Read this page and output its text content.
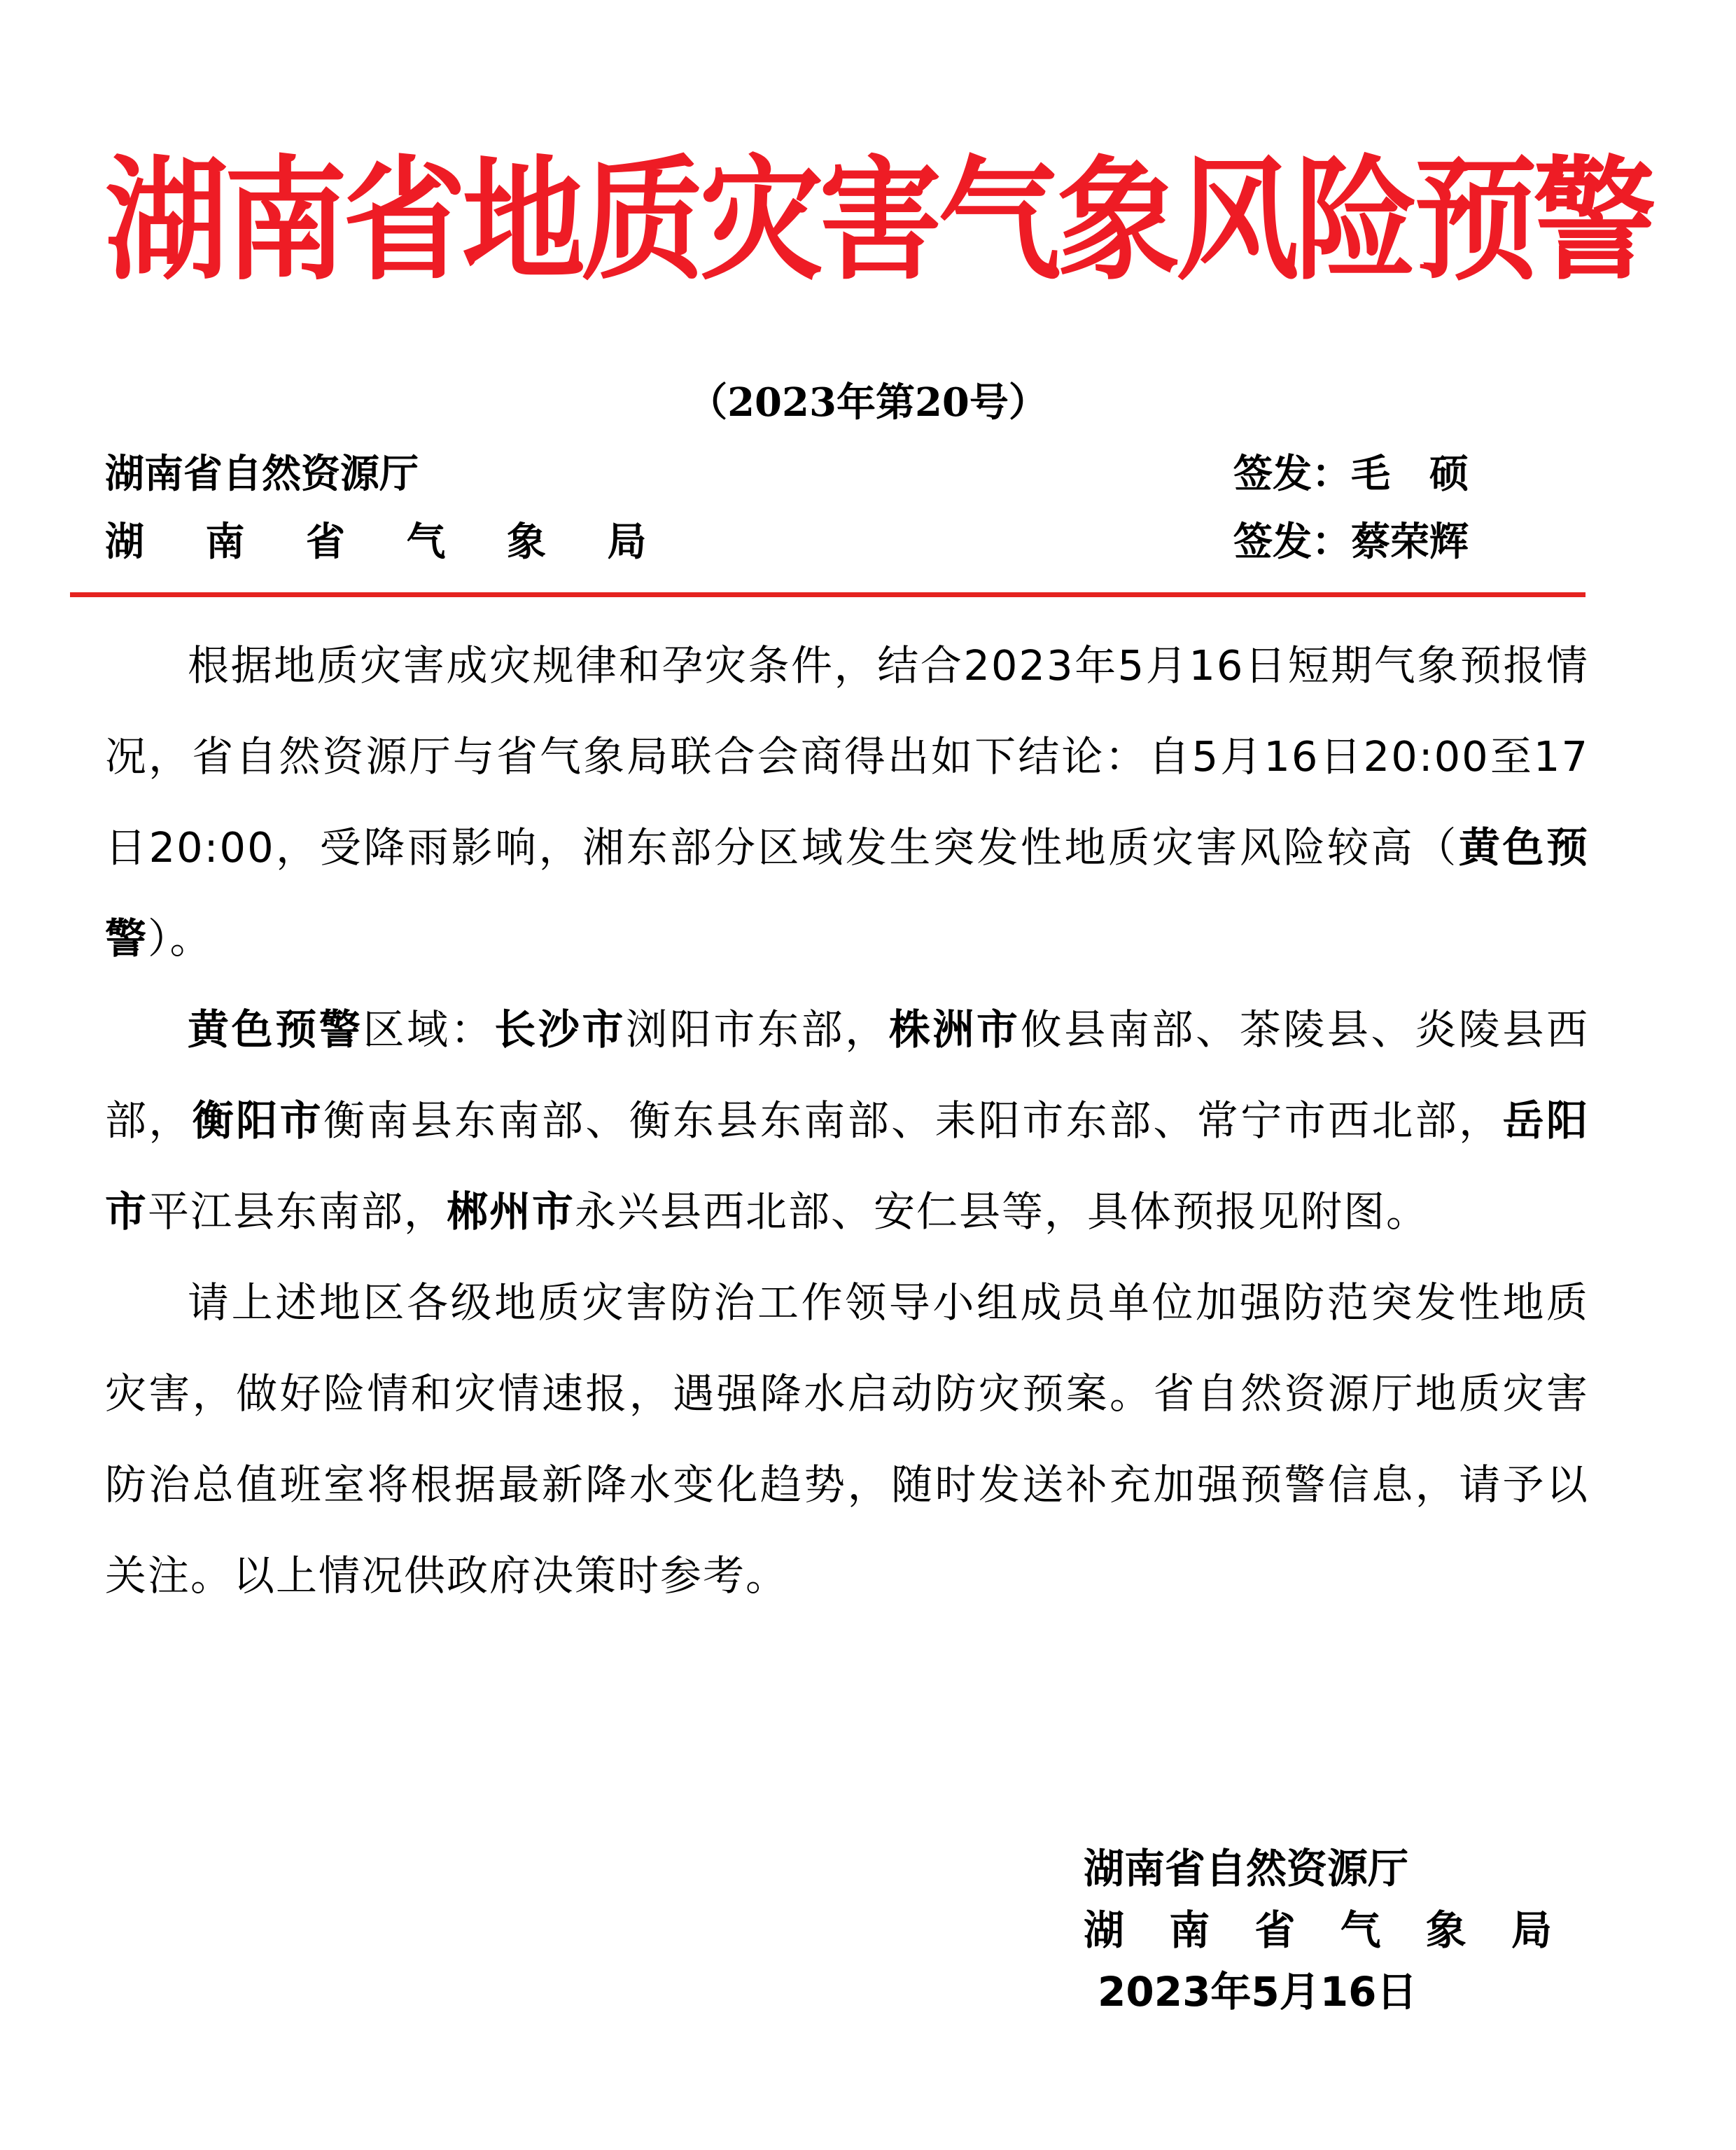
湖南省地质灾害气象风险预警
（2023年第20号）
湖南省自然资源厅	签发：毛　硕
湖 南 省 气 象 局	签发：蔡荣辉

根据地质灾害成灾规律和孕灾条件，结合2023年5月16日短期气象预报情况，省自然资源厅与省气象局联合会商得出如下结论：自5月16日20:00至17日20:00，受降雨影响，湘东部分区域发生突发性地质灾害风险较高（黄色预警）。

黄色预警区域：长沙市浏阳市东部，株洲市攸县南部、茶陵县、炎陵县西部，衡阳市衡南县东南部、衡东县东南部、耒阳市东部、常宁市西北部，岳阳市平江县东南部，郴州市永兴县西北部、安仁县等，具体预报见附图。

请上述地区各级地质灾害防治工作领导小组成员单位加强防范突发性地质灾害，做好险情和灾情速报，遇强降水启动防灾预案。省自然资源厅地质灾害防治总值班室将根据最新降水变化趋势，随时发送补充加强预警信息，请予以关注。以上情况供政府决策时参考。

湖南省自然资源厅
湖 南 省 气 象 局
2023年5月16日
